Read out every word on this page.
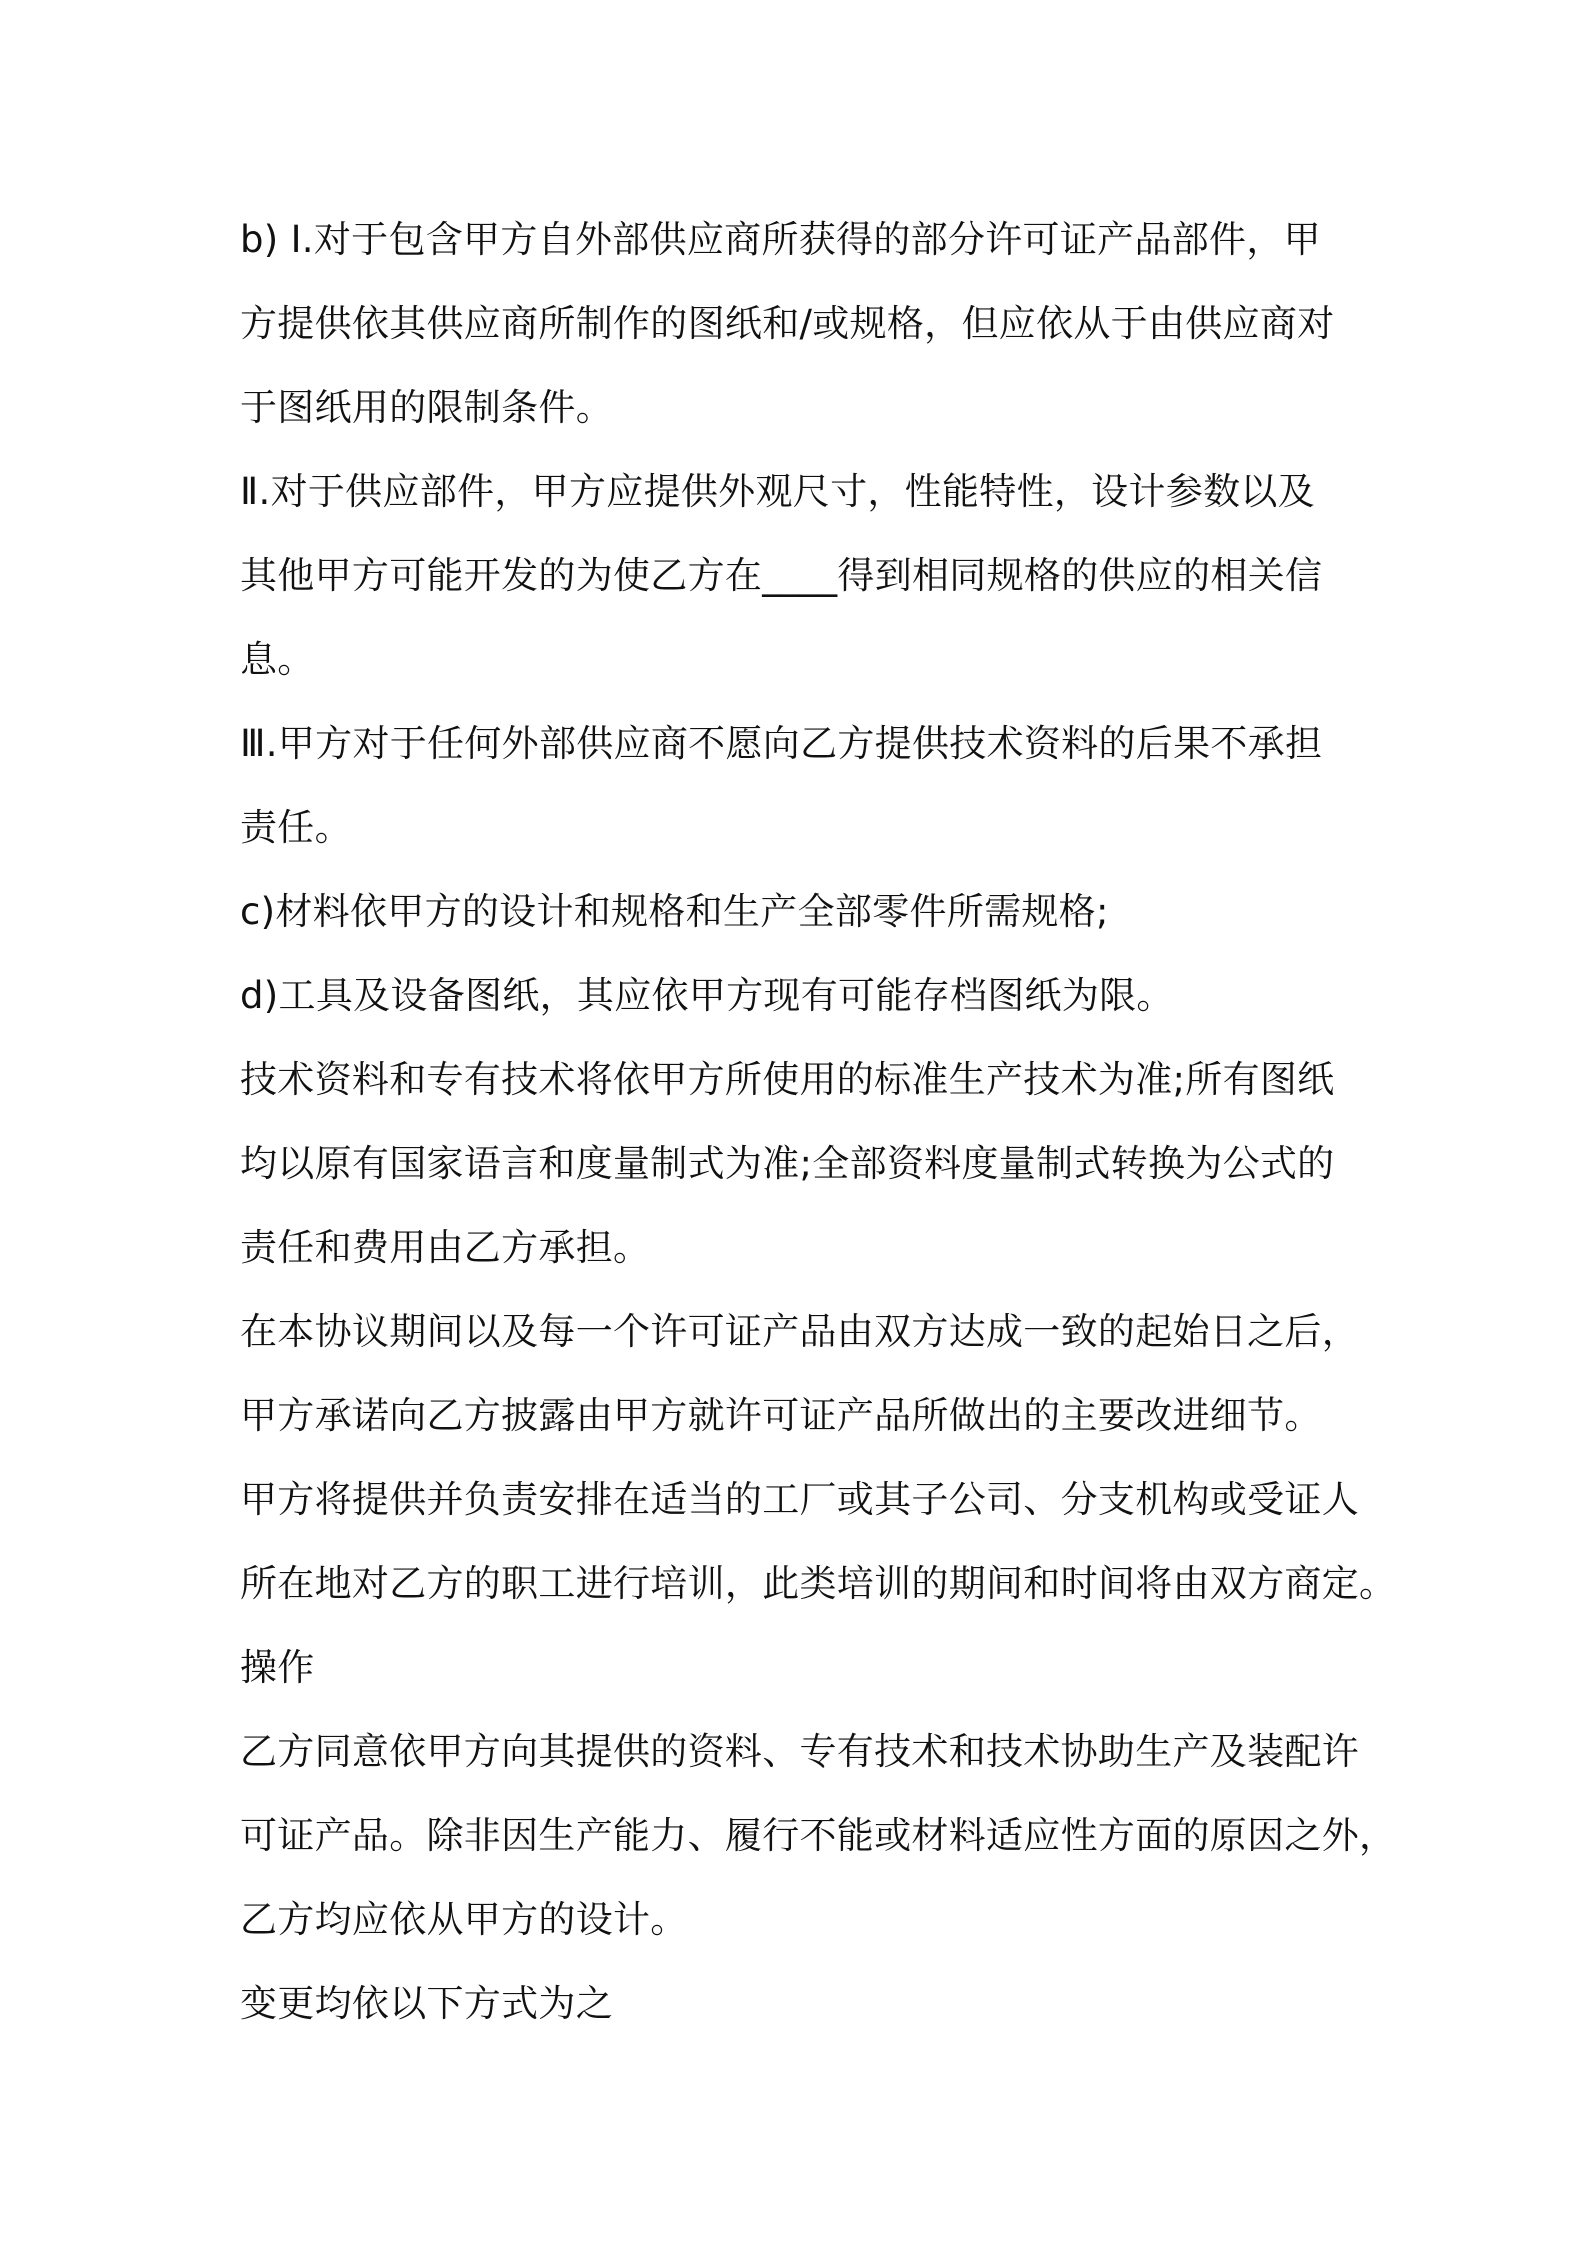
b) Ⅰ.对于包含甲方自外部供应商所获得的部分许可证产品部件，甲
方提供依其供应商所制作的图纸和/或规格，但应依从于由供应商对
于图纸用的限制条件。
Ⅱ.对于供应部件，甲方应提供外观尺寸，性能特性，设计参数以及
其他甲方可能开发的为使乙方在____得到相同规格的供应的相关信
息。
Ⅲ.甲方对于任何外部供应商不愿向乙方提供技术资料的后果不承担
责任。
c)材料依甲方的设计和规格和生产全部零件所需规格;
d)工具及设备图纸，其应依甲方现有可能存档图纸为限。
技术资料和专有技术将依甲方所使用的标准生产技术为准;所有图纸
均以原有国家语言和度量制式为准;全部资料度量制式转换为公式的
责任和费用由乙方承担。
在本协议期间以及每一个许可证产品由双方达成一致的起始日之后，
甲方承诺向乙方披露由甲方就许可证产品所做出的主要改进细节。
甲方将提供并负责安排在适当的工厂或其子公司、分支机构或受证人
所在地对乙方的职工进行培训，此类培训的期间和时间将由双方商定。
操作
乙方同意依甲方向其提供的资料、专有技术和技术协助生产及装配许
可证产品。除非因生产能力、履行不能或材料适应性方面的原因之外，
乙方均应依从甲方的设计。
变更均依以下方式为之
